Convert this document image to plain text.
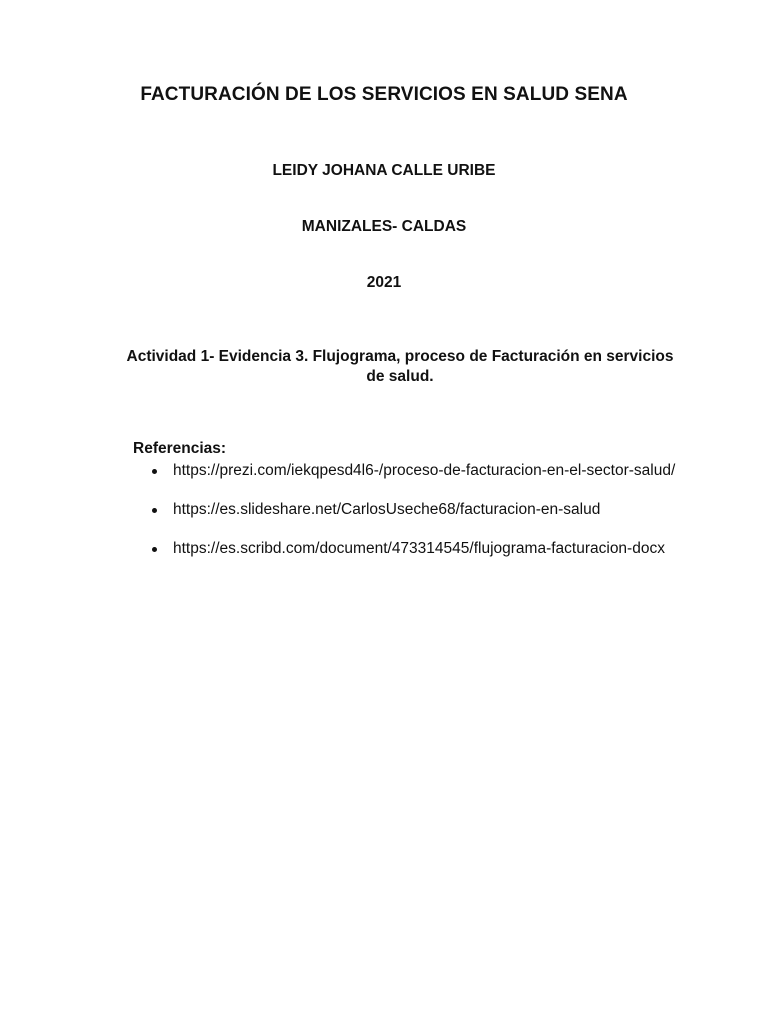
FACTURACIÓN DE LOS SERVICIOS EN SALUD SENA

LEIDY JOHANA CALLE URIBE

MANIZALES- CALDAS

2021

Actividad 1- Evidencia 3. Flujograma, proceso de Facturación en servicios de salud.

Referencias:

https://prezi.com/iekqpesd4l6-/proceso-de-facturacion-en-el-sector-salud/
https://es.slideshare.net/CarlosUseche68/facturacion-en-salud
https://es.scribd.com/document/473314545/flujograma-facturacion-docx
